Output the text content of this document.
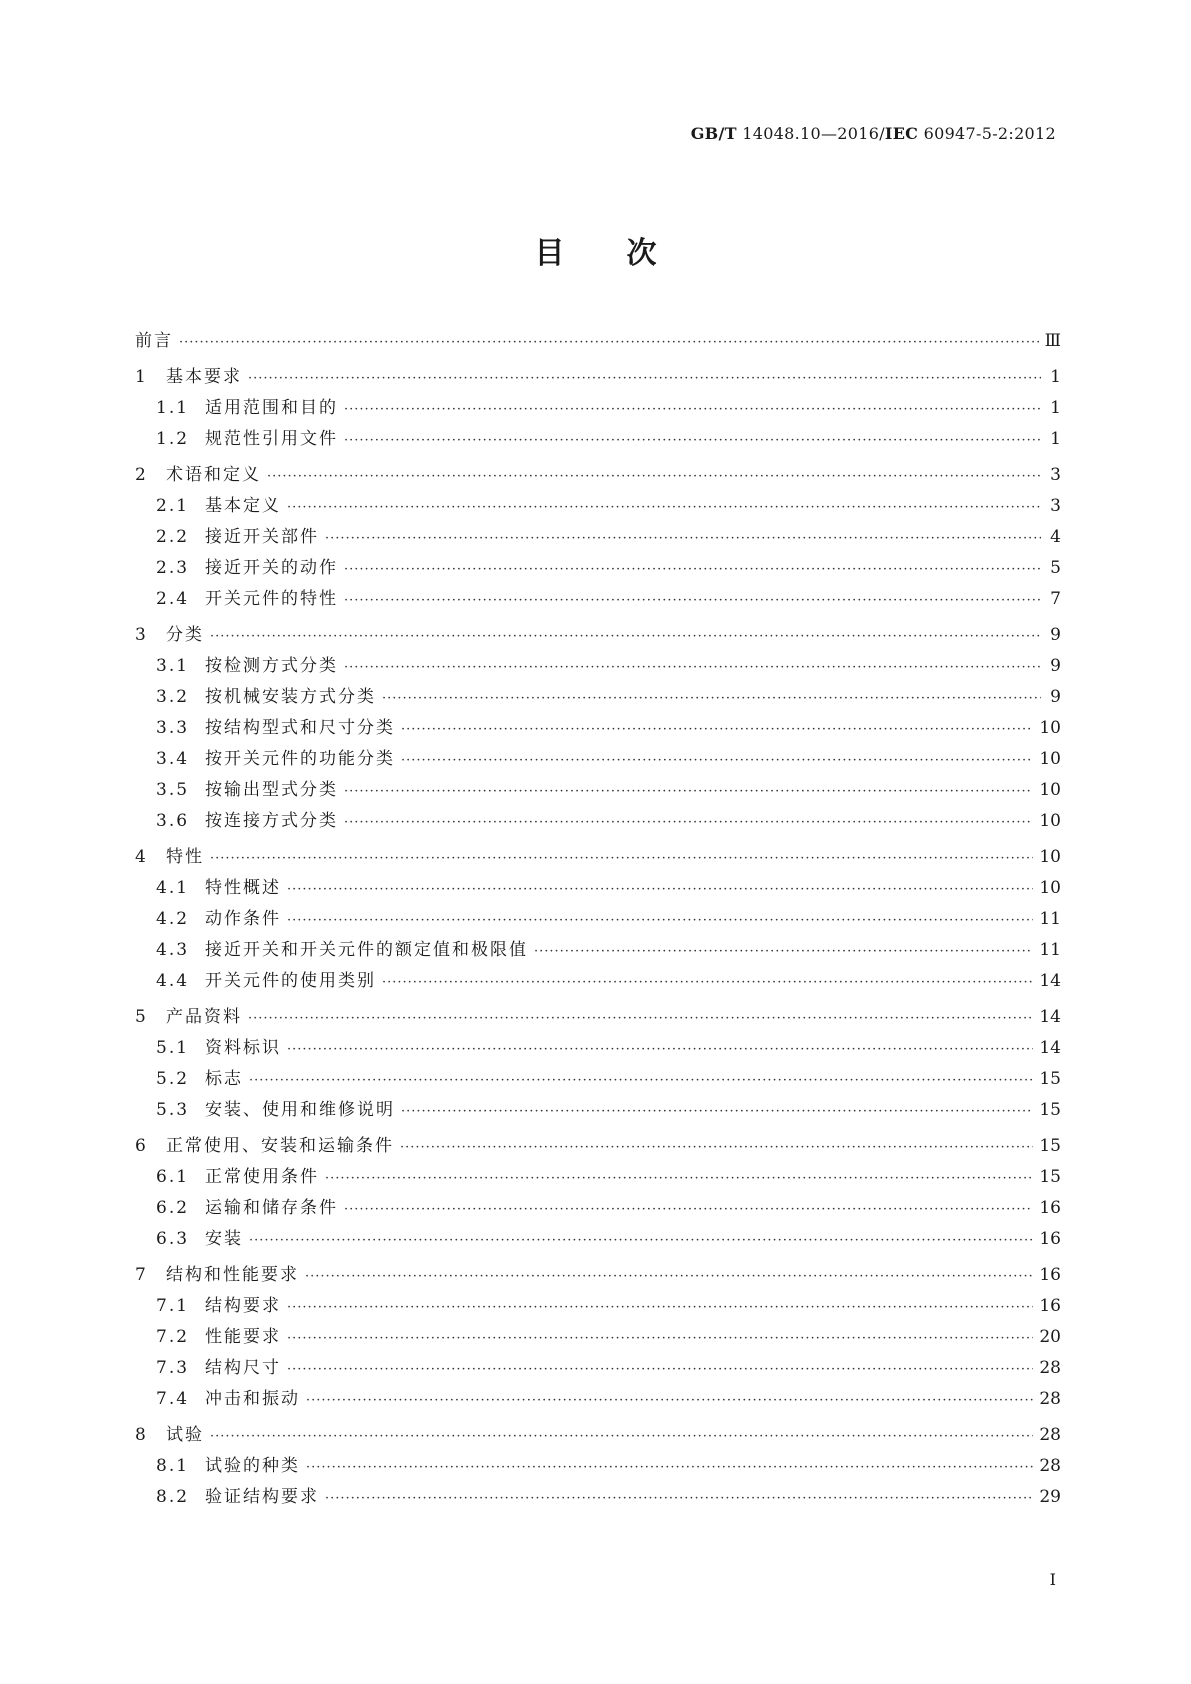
GB/T 14048.10—2016/IEC 60947-5-2:2012
目次
前言 ·····	Ⅲ
1	基本要求 ·····	1
1.1 适用范围和目的 ·····	1
1.2 规范性引用文件 ·····	1
2	术语和定义 ·····	3
2.1 基本定义 ·····	3
2.2 接近开关部件 ·····	4
2.3 接近开关的动作 ·····	5
2.4 开关元件的特性 ·····	7
3	分类 ·····	9
3.1 按检测方式分类 ·····	9
3.2 按机械安装方式分类 ·····	9
3.3 按结构型式和尺寸分类 ·····	10
3.4 按开关元件的功能分类 ·····	10
3.5 按输出型式分类 ·····	10
3.6 按连接方式分类 ·····	10
4	特性 ·····	10
4.1 特性概述 ·····	10
4.2 动作条件 ·····	11
4.3 接近开关和开关元件的额定值和极限值 ·····	11
4.4 开关元件的使用类别 ·····	14
5	产品资料 ·····	14
5.1 资料标识 ·····	14
5.2 标志 ·····	15
5.3 安装、使用和维修说明 ·····	15
6	正常使用、安装和运输条件 ·····	15
6.1 正常使用条件 ·····	15
6.2 运输和储存条件 ·····	16
6.3 安装 ·····	16
7	结构和性能要求 ·····	16
7.1 结构要求 ·····	16
7.2 性能要求 ·····	20
7.3 结构尺寸 ·····	28
7.4 冲击和振动 ·····	28
8	试验 ·····	28
8.1 试验的种类 ·····	28
8.2 验证结构要求 ·····	29
I
